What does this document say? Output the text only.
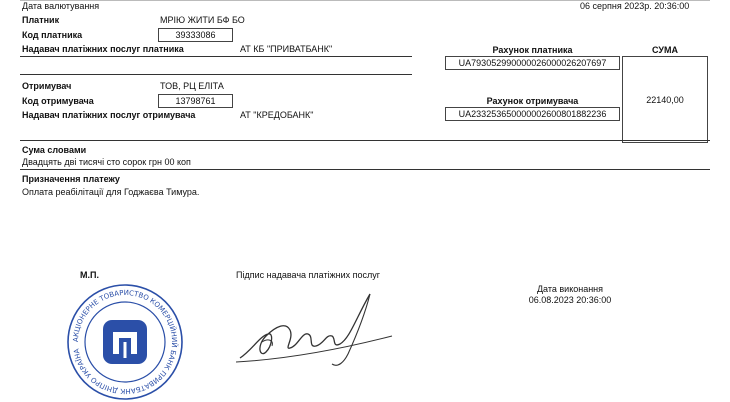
Дата валютування	06 серпня 2023р. 20:36:00
Платник	МРІЮ ЖИТИ БФ БО
Код платника	39333086
Надавач платіжних послуг платника	АТ КБ "ПРИВАТБАНК"	Рахунок платника
UA793052990000026000026207697
СУМА
22140,00
Отримувач	ТОВ, РЦ ЕЛІТА
Код отримувача	13798761
Надавач платіжних послуг отримувача	АТ "КРЕДОБАНК"
Рахунок отримувача
UA233253650000002600801882236
Сума словами
Двадцять дві тисячі сто сорок грн 00 коп
Призначення платежу
Оплата реабілітації для Годжаєва Тимура.
М.П.	Підпис надавача платіжних послуг
Дата виконання
06.08.2023 20:36:00
АКЦІОНЕРНЕ ТОВАРИСТВО КОМЕРЦІЙНИЙ БАНК ПРИВАТБАНК ДНІПРО УКРАЇНА
